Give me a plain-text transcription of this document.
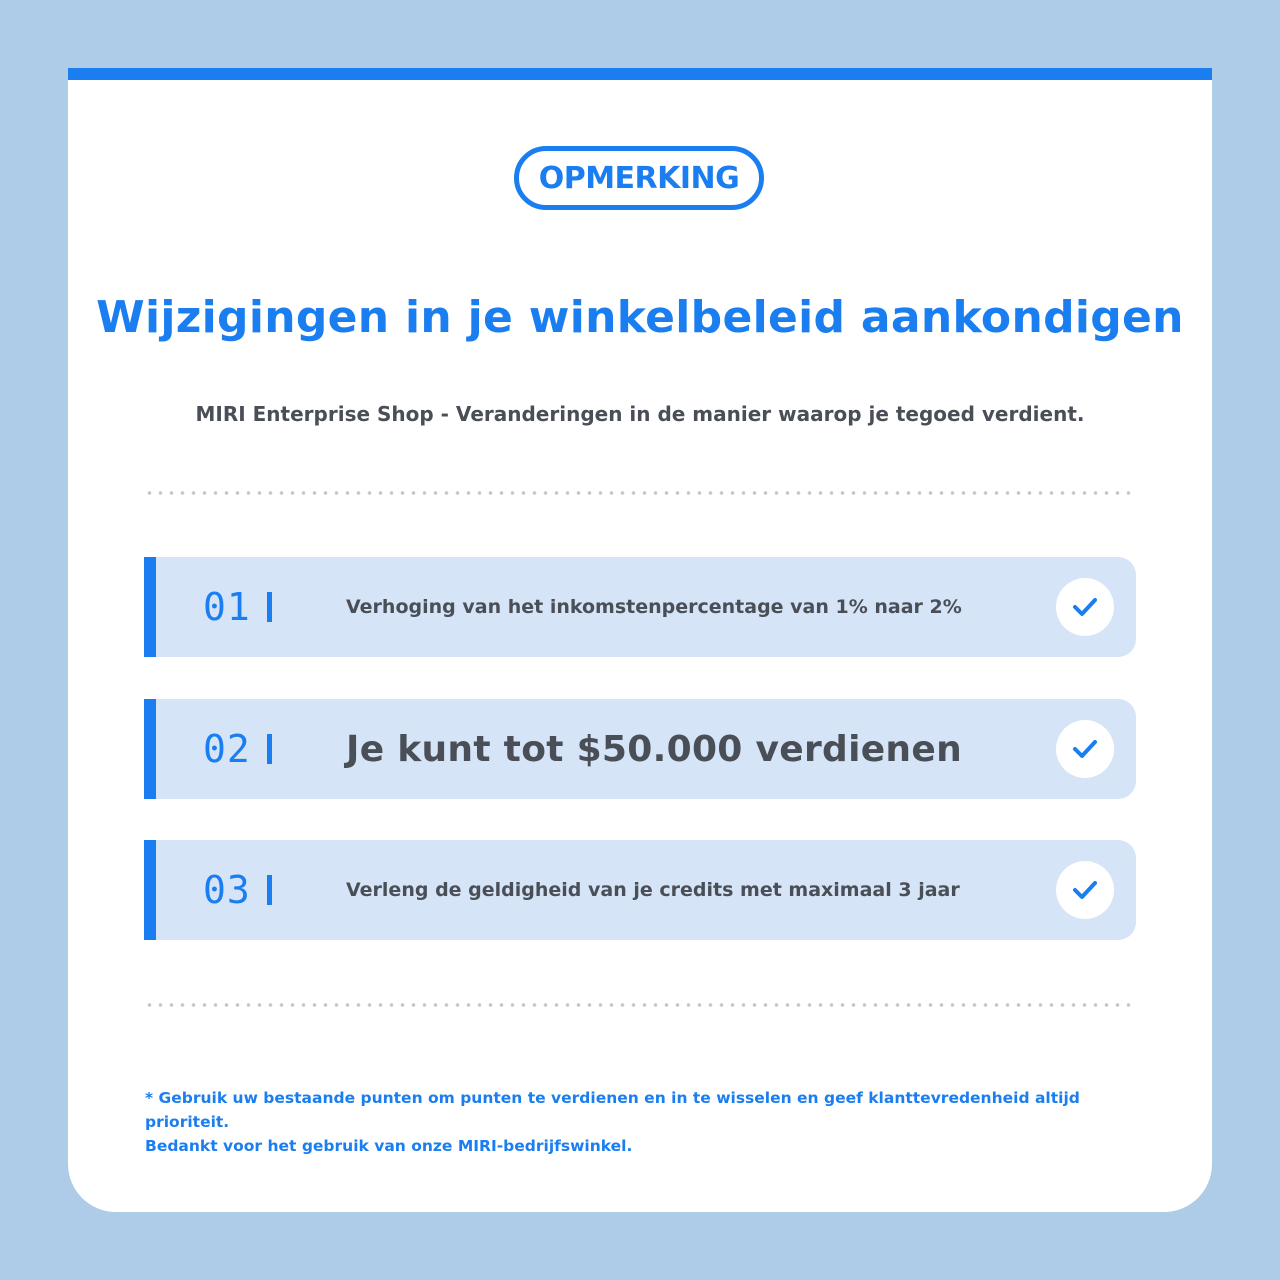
OPMERKING
Wijzigingen in je winkelbeleid aankondigen
MIRI Enterprise Shop - Veranderingen in de manier waarop je tegoed verdient.
01	Verhoging van het inkomstenpercentage van 1% naar 2%
02	Je kunt tot $50.000 verdienen
03	Verleng de geldigheid van je credits met maximaal 3 jaar
* Gebruik uw bestaande punten om punten te verdienen en in te wisselen en geef klanttevredenheid altijd prioriteit.
Bedankt voor het gebruik van onze MIRI-bedrijfswinkel.
